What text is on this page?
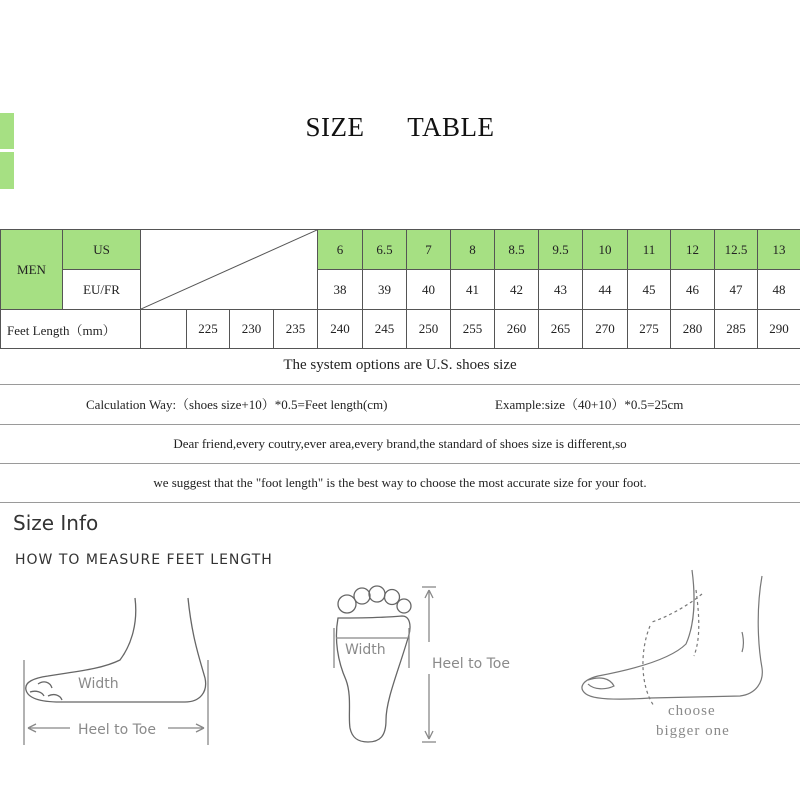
SIZE TABLE
MEN	US					6	6.5	7	8	8.5	9.5	10	11	12	12.5	13
	EU/FR					38	39	40	41	42	43	44	45	46	47	48
Feet Length（mm）			225	230	235	240	245	250	255	260	265	270	275	280	285	290
The system options are U.S. shoes size
Calculation Way:（shoes size+10）*0.5=Feet length(cm)	Example:size（40+10）*0.5=25cm
Dear friend,every coutry,ever area,every brand,the standard of shoes size is different,so
we suggest that the "foot length" is the best way to choose the most accurate size for your foot.
Size Info
HOW TO MEASURE FEET LENGTH
Width
Heel to Toe
Width
Heel to Toe
choose
bigger one
